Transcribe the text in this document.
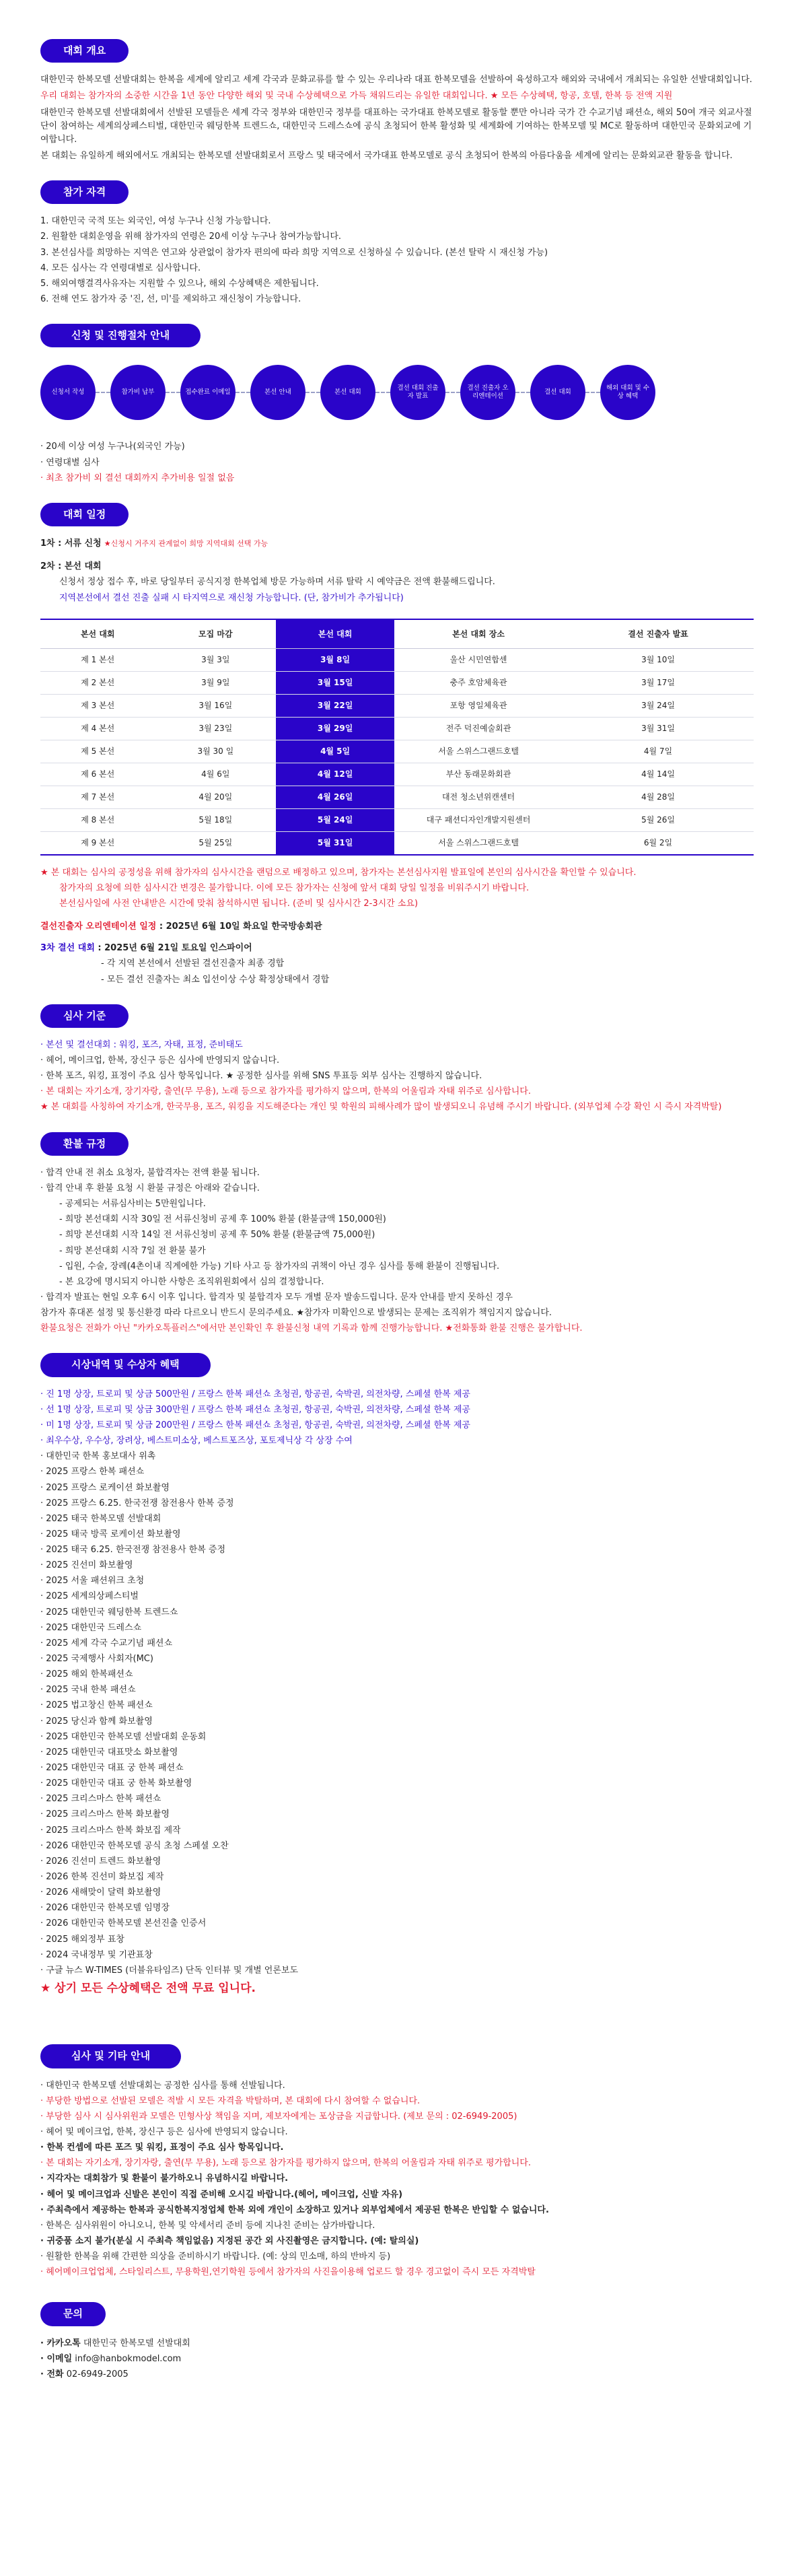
대회 개요

대한민국 한복모델 선발대회는 한복을 세계에 알리고 세계 각국과 문화교류를 할 수 있는 우리나라 대표 한복모델을 선발하여 육성하고자 해외와 국내에서 개최되는 유일한 선발대회입니다.

우리 대회는 참가자의 소중한 시간을 1년 동안 다양한 해외 및 국내 수상혜택으로 가득 채워드리는 유일한 대회입니다. ★ 모든 수상혜택, 항공, 호텔, 한복 등 전액 지원

대한민국 한복모델 선발대회에서 선발된 모델들은 세계 각국 정부와 대한민국 정부를 대표하는 국가대표 한복모델로 활동할 뿐만 아니라 국가 간 수교기념 패션쇼, 해외 50여 개국 외교사절단이 참여하는 세계의상페스티벌, 대한민국 웨딩한복 트렌드쇼, 대한민국 드레스쇼에 공식 초청되어 한복 활성화 및 세계화에 기여하는 한복모델 및 MC로 활동하며 대한민국 문화외교에 기여합니다.

본 대회는 유일하게 해외에서도 개최되는 한복모델 선발대회로서 프랑스 및 태국에서 국가대표 한복모델로 공식 초청되어 한복의 아름다움을 세계에 알리는 문화외교관 활동을 합니다.

참가 자격
1. 대한민국 국적 또는 외국인, 여성 누구나 신청 가능합니다.
2. 원활한 대회운영을 위해 참가자의 연령은 20세 이상 누구나 참여가능합니다.
3. 본선심사를 희망하는 지역은 연고와 상관없이 참가자 편의에 따라 희망 지역으로 신청하실 수 있습니다. (본선 탈락 시 재신청 가능)
4. 모든 심사는 각 연령대별로 심사합니다.
5. 해외여행결격사유자는 지원할 수 있으나, 해외 수상혜택은 제한됩니다.
6. 전해 연도 참가자 중 '진, 선, 미'를 제외하고 재신청이 가능합니다.
신청 및 진행절차 안내
신청서 작성	참가비 납부	접수완료 이메일	본선 안내	본선 대회
결선 대회 진출자 발표
결선 진출자 오리엔테이션
결선 대회
해외 대회 및 수상 혜택
· 20세 이상 여성 누구나(외국인 가능)
· 연령대별 심사
· 최초 참가비 외 결선 대회까지 추가비용 일절 없음
대회 일정
1차 : 서류 신청 ★신청시 거주지 관계없이 희망 지역대회 선택 가능
2차 : 본선 대회
신청서 정상 접수 후, 바로 당일부터 공식지정 한복업체 방문 가능하며 서류 탈락 시 예약금은 전액 환불해드립니다.
지역본선에서 결선 진출 실패 시 타지역으로 재신청 가능합니다. (단, 참가비가 추가됩니다)
본선 대회	모집 마감	본선 대회	본선 대회 장소	결선 진출자 발표
제 1 본선	3월 3일	3월 8일	울산 시민연합센	3월 10일
제 2 본선	3월 9일	3월 15일	충주 호암체육관	3월 17일
제 3 본선	3월 16일	3월 22일	포항 영일체육관	3월 24일
제 4 본선	3월 23일	3월 29일	전주 덕진예술회관	3월 31일
제 5 본선	3월 30 일	4월 5일	서울 스위스그랜드호텔	4월 7일
제 6 본선	4월 6일	4월 12일	부산 동래문화회관	4월 14일
제 7 본선	4월 20일	4월 26일	대전 청소년위캔센터	4월 28일
제 8 본선	5월 18일	5월 24일	대구 패션디자인개발지원센터	5월 26일
제 9 본선	5월 25일	5월 31일	서울 스위스그랜드호텔	6월 2일
★ 본 대회는 심사의 공정성을 위해 참가자의 심사시간을 랜덤으로 배정하고 있으며, 참가자는 본선심사지원 발표일에 본인의 심사시간을 확인할 수 있습니다.
참가자의 요청에 의한 심사시간 변경은 불가합니다. 이에 모든 참가자는 신청에 앞서 대회 당일 일정을 비워주시기 바랍니다.
본선심사일에 사전 안내받은 시간에 맞춰 참석하시면 됩니다. (준비 및 심사시간 2-3시간 소요)
결선진출자 오리엔테이션 일정 : 2025년 6월 10일 화요일 한국방송회관
3차 결선 대회 : 2025년 6월 21일 토요일 인스파이어
- 각 지역 본선에서 선발된 결선진출자 최종 경합
- 모든 결선 진출자는 최소 입선이상 수상 확정상태에서 경합
심사 기준
· 본선 및 결선대회 : 워킹, 포즈, 자태, 표정, 준비태도
· 헤어, 메이크업, 한복, 장신구 등은 심사에 반영되지 않습니다.
· 한복 포즈, 워킹, 표정이 주요 심사 항목입니다. ★ 공정한 심사를 위해 SNS 투표등 외부 심사는 진행하지 않습니다.
· 본 대회는 자기소개, 장기자랑, 출연(무 무용), 노래 등으로 참가자를 평가하지 않으며, 한복의 어울림과 자태 위주로 심사합니다.
★ 본 대회를 사칭하여 자기소개, 한국무용, 포즈, 워킹을 지도해준다는 개인 및 학원의 피해사례가 많이 발생되오니 유념해 주시기 바랍니다. (외부업체 수강 확인 시 즉시 자격박탈)
환불 규정
· 합격 안내 전 취소 요청자, 불합격자는 전액 환불 됩니다.
· 합격 안내 후 환불 요청 시 환불 규정은 아래와 같습니다.
- 공제되는 서류심사비는 5만원입니다.
- 희망 본선대회 시작 30일 전 서류신청비 공제 후 100% 환불 (환불금액 150,000원)
- 희망 본선대회 시작 14일 전 서류신청비 공제 후 50% 환불 (환불금액 75,000원)
- 희망 본선대회 시작 7일 전 환불 불가
- 입원, 수술, 장례(4촌이내 직계에한 가능) 기타 사고 등 참가자의 귀책이 아닌 경우 심사를 통해 환불이 진행됩니다.
- 본 요강에 명시되지 아니한 사항은 조직위원회에서 심의 결정합니다.
· 합격자 발표는 현일 오후 6시 이후 입니다. 합격자 및 불합격자 모두 개별 문자 발송드립니다. 문자 안내를 받지 못하신 경우
참가자 휴대폰 설정 및 통신환경 따라 다르오니 반드시 문의주세요. ★참가자 미확인으로 발생되는 문제는 조직위가 책임지지 않습니다.
환불요청은 전화가 아닌 "카카오톡플러스"에서만 본인확인 후 환불신청 내역 기록과 함께 진행가능합니다. ★전화통화 환불 진행은 불가합니다.
시상내역 및 수상자 혜택
· 진 1명 상장, 트로피 및 상금 500만원 / 프랑스 한복 패션쇼 초청권, 항공권, 숙박권, 의전차량, 스페셜 한복 제공
· 선 1명 상장, 트로피 및 상금 300만원 / 프랑스 한복 패션쇼 초청권, 항공권, 숙박권, 의전차량, 스페셜 한복 제공
· 미 1명 상장, 트로피 및 상금 200만원 / 프랑스 한복 패션쇼 초청권, 항공권, 숙박권, 의전차량, 스페셜 한복 제공
· 최우수상, 우수상, 장려상, 베스트미소상, 베스트포즈상, 포토제닉상 각 상장 수여
· 대한민국 한복 홍보대사 위촉
· 2025 프랑스 한복 패션쇼
· 2025 프랑스 로케이션 화보촬영
· 2025 프랑스 6.25. 한국전쟁 참전용사 한복 증정
· 2025 태국 한복모델 선발대회
· 2025 태국 방콕 로케이션 화보촬영
· 2025 태국 6.25. 한국전쟁 참전용사 한복 증정
· 2025 진선미 화보촬영
· 2025 서울 패션위크 초청
· 2025 세계의상페스티벌
· 2025 대한민국 웨딩한복 트렌드쇼
· 2025 대한민국 드레스쇼
· 2025 세계 각국 수교기념 패션쇼
· 2025 국제행사 사회자(MC)
· 2025 해외 한복패션쇼
· 2025 국내 한복 패션쇼
· 2025 법고창신 한복 패션쇼
· 2025 당신과 함께 화보촬영
· 2025 대한민국 한복모델 선발대회 운동회
· 2025 대한민국 대표맛소 화보촬영
· 2025 대한민국 대표 궁 한복 패션쇼
· 2025 대한민국 대표 궁 한복 화보촬영
· 2025 크리스마스 한복 패션쇼
· 2025 크리스마스 한복 화보촬영
· 2025 크리스마스 한복 화보집 제작
· 2026 대한민국 한복모델 공식 초청 스페셜 오찬
· 2026 진선미 트렌드 화보촬영
· 2026 한복 진선미 화보집 제작
· 2026 새해맞이 달력 화보촬영
· 2026 대한민국 한복모델 임명장
· 2026 대한민국 한복모델 본선진출 인증서
· 2025 해외정부 표창
· 2024 국내정부 및 기관표창
· 구글 뉴스 W-TIMES (더블유타임즈) 단독 인터뷰 및 개별 언론보도
★ 상기 모든 수상혜택은 전액 무료 입니다.
심사 및 기타 안내
· 대한민국 한복모델 선발대회는 공정한 심사를 통해 선발됩니다.
· 부당한 방법으로 선발된 모델은 적발 시 모든 자격을 박탈하며, 본 대회에 다시 참여할 수 없습니다.
· 부당한 심사 시 심사위원과 모델은 민형사상 책임을 지며, 제보자에게는 포상금을 지급합니다. (제보 문의 : 02-6949-2005)
· 헤어 및 메이크업, 한복, 장신구 등은 심사에 반영되지 않습니다.
· 한복 컨셉에 따른 포즈 및 워킹, 표정이 주요 심사 항목입니다.
· 본 대회는 자기소개, 장기자랑, 출연(무 무용), 노래 등으로 참가자를 평가하지 않으며, 한복의 어울림과 자태 위주로 평가합니다.
· 지각자는 대회참가 및 환불이 불가하오니 유념하시길 바랍니다.
· 헤어 및 메이크업과 신발은 본인이 직접 준비해 오시길 바랍니다.(헤어, 메이크업, 신발 자유)
· 주최측에서 제공하는 한복과 공식한복지정업체 한복 외에 개인이 소장하고 있거나 외부업체에서 제공된 한복은 반입할 수 없습니다.
· 한복은 심사위원이 아니오니, 한복 및 악세서리 준비 등에 지나친 준비는 삼가바랍니다.
· 귀중품 소지 불가(분실 시 주최측 책임없음) 지정된 공간 외 사진촬영은 금지합니다. (예: 탈의실)
· 원활한 한복을 위해 간편한 의상을 준비하시기 바랍니다. (예: 상의 민소매, 하의 반바지 등)
· 헤어메이크업업체, 스타일리스트, 무용학원,연기학원 등에서 참가자의 사진을이용해 업로드 할 경우 경고없이 즉시 모든 자격박탈
문의
· 카카오톡 대한민국 한복모델 선발대회
· 이메일 info@hanbokmodel.com
· 전화 02-6949-2005
